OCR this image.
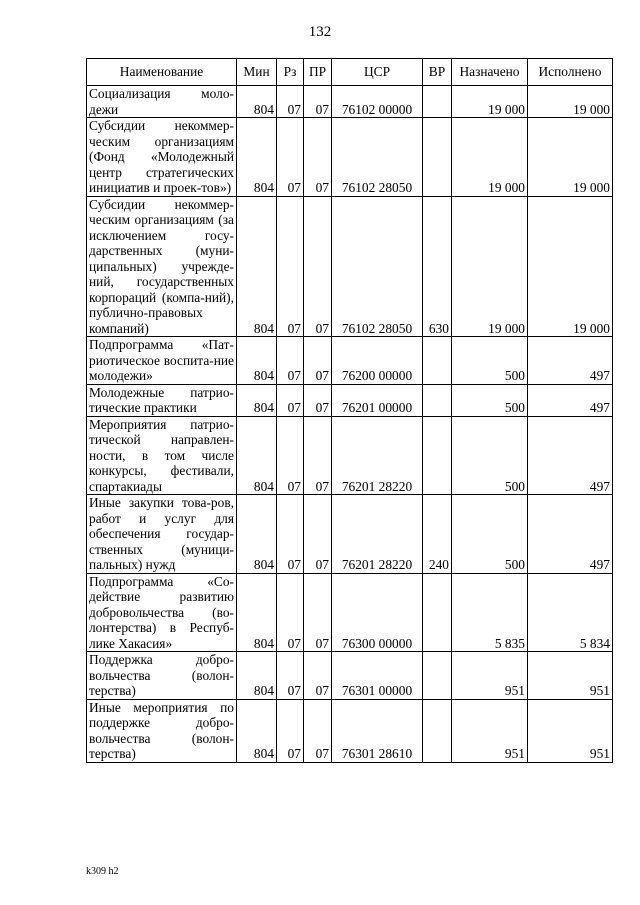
132
Наименование	Мин	Рз	ПР	ЦСР	ВР	Назначено	Исполнено
Социализация моло-дежи	804	07	07	76102 00000		19 000	19 000
Субсидии некоммер-ческим организациям (Фонд «Молодежный центр стратегических инициатив и проек-тов»)	804	07	07	76102 28050		19 000	19 000
Субсидии некоммер-ческим организациям (за исключением госу-дарственных (муни-ципальных) учрежде-ний, государственных корпораций (компа-ний), публично-правовых компаний)	804	07	07	76102 28050	630	19 000	19 000
Подпрограмма «Пат-риотическое воспита-ние молодежи»	804	07	07	76200 00000		500	497
Молодежные патрио-тические практики	804	07	07	76201 00000		500	497
Мероприятия патрио-тической направлен-ности, в том числе конкурсы, фестивали, спартакиады	804	07	07	76201 28220		500	497
Иные закупки това-ров, работ и услуг для обеспечения государ-ственных (муници-пальных) нужд	804	07	07	76201 28220	240	500	497
Подпрограмма «Со-действие развитию добровольчества (во-лонтерства) в Респуб-лике Хакасия»	804	07	07	76300 00000		5 835	5 834
Поддержка добро-вольчества (волон-терства)	804	07	07	76301 00000		951	951
Иные мероприятия по поддержке добро-вольчества (волон-терства)	804	07	07	76301 28610		951	951
k309 h2
